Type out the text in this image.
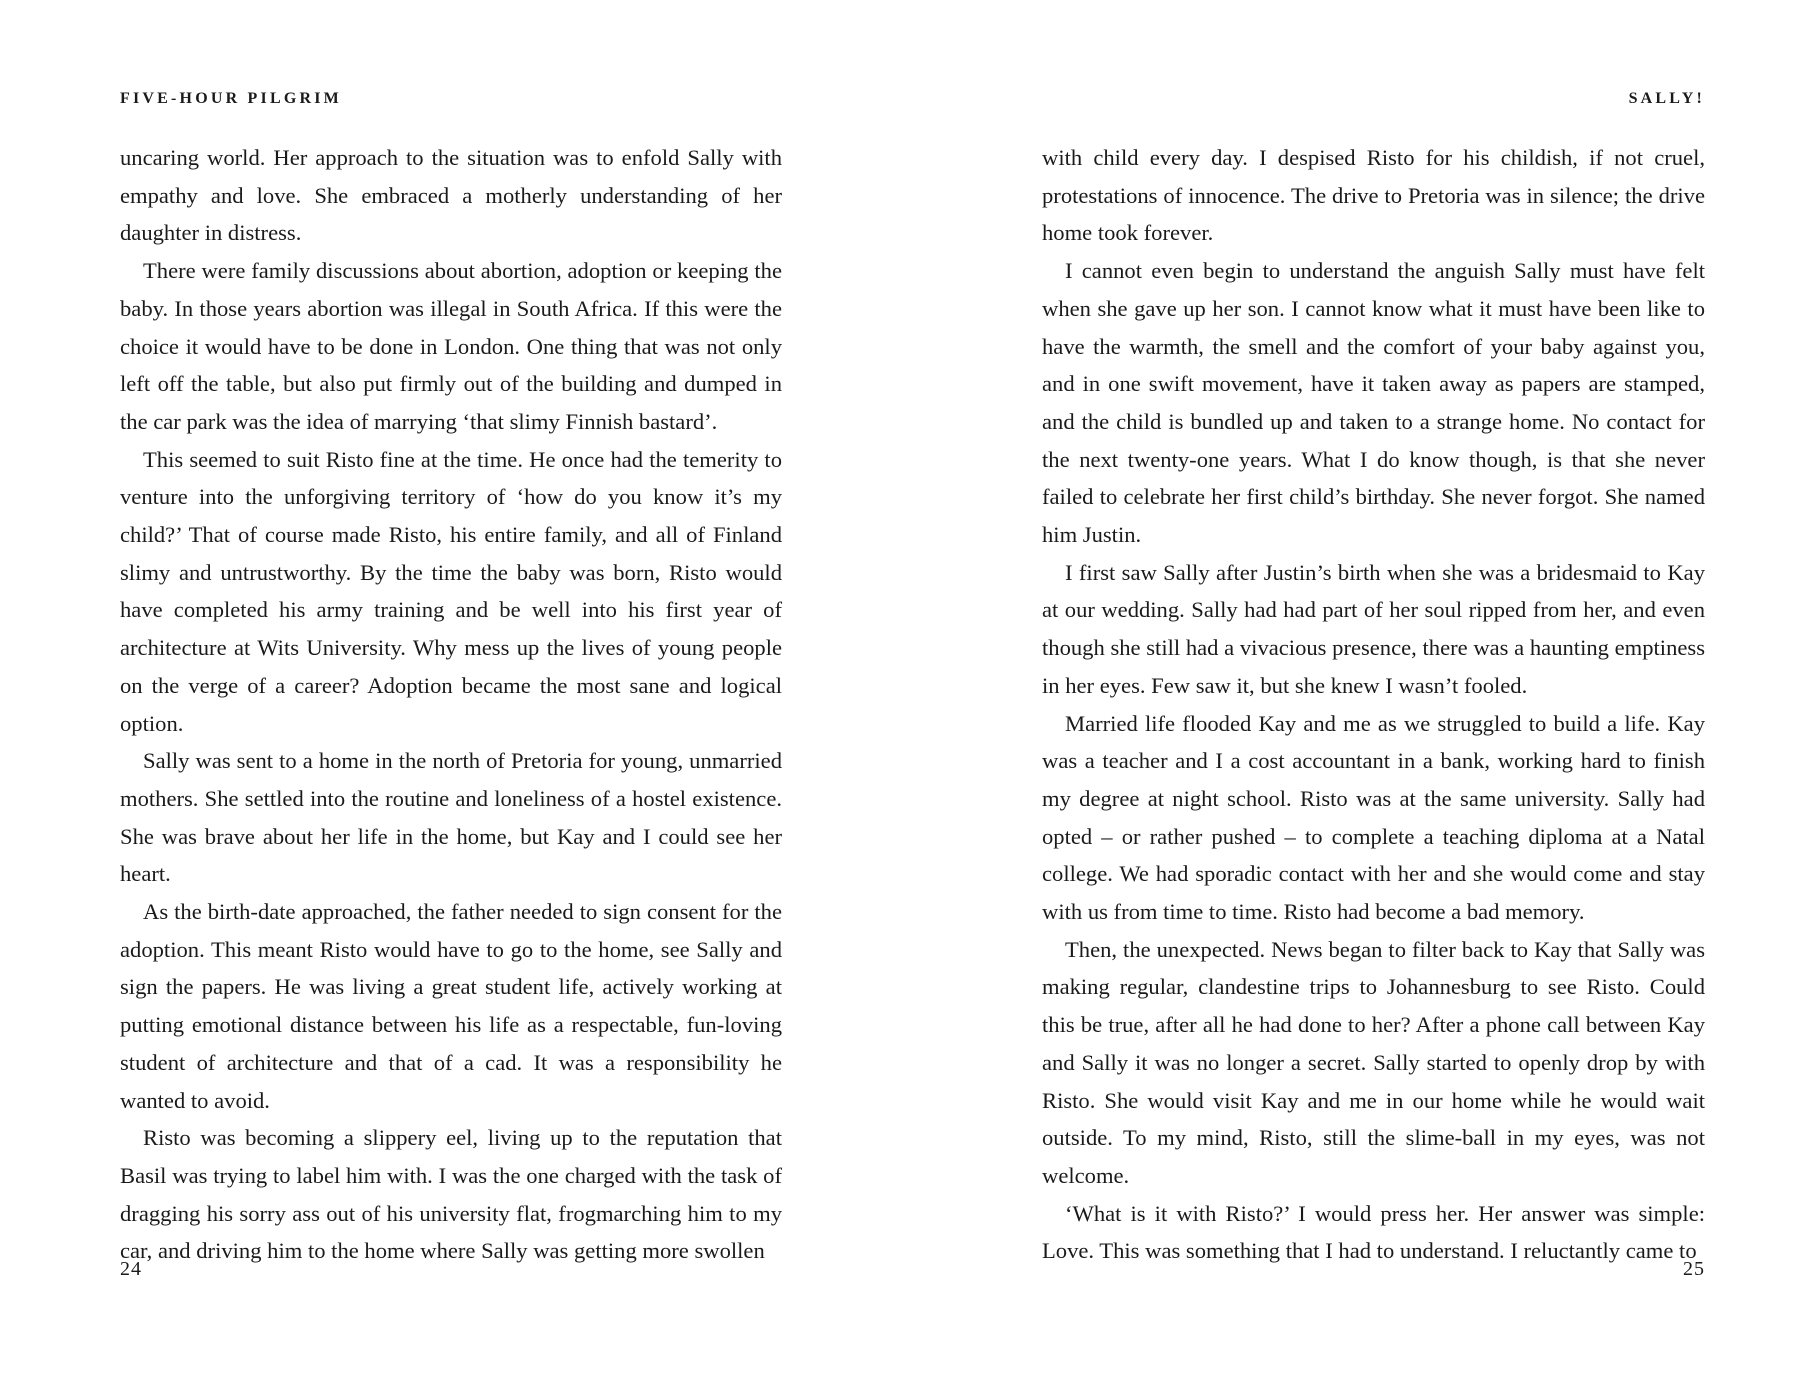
FIVE-HOUR PILGRIM

uncaring world. Her approach to the situation was to enfold Sally with empathy and love. She embraced a motherly understanding of her daughter in distress.

There were family discussions about abortion, adoption or keeping the baby. In those years abortion was illegal in South Africa. If this were the choice it would have to be done in London. One thing that was not only left off the table, but also put firmly out of the building and dumped in the car park was the idea of marrying ‘that slimy Finnish bastard’.

This seemed to suit Risto fine at the time. He once had the temerity to venture into the unforgiving territory of ‘how do you know it’s my child?’ That of course made Risto, his entire family, and all of Finland slimy and untrustworthy. By the time the baby was born, Risto would have completed his army training and be well into his first year of architecture at Wits University. Why mess up the lives of young people on the verge of a career? Adoption became the most sane and logical option.

Sally was sent to a home in the north of Pretoria for young, unmarried mothers. She settled into the routine and loneliness of a hostel existence. She was brave about her life in the home, but Kay and I could see her heart.

As the birth-date approached, the father needed to sign consent for the adoption. This meant Risto would have to go to the home, see Sally and sign the papers. He was living a great student life, actively working at putting emotional distance between his life as a respectable, fun-loving student of architecture and that of a cad. It was a responsibility he wanted to avoid.

Risto was becoming a slippery eel, living up to the reputation that Basil was trying to label him with. I was the one charged with the task of dragging his sorry ass out of his university flat, frogmarching him to my car, and driving him to the home where Sally was getting more swollen

24
SALLY!

with child every day. I despised Risto for his childish, if not cruel, protestations of innocence. The drive to Pretoria was in silence; the drive home took forever.

I cannot even begin to understand the anguish Sally must have felt when she gave up her son. I cannot know what it must have been like to have the warmth, the smell and the comfort of your baby against you, and in one swift movement, have it taken away as papers are stamped, and the child is bundled up and taken to a strange home. No contact for the next twenty-one years. What I do know though, is that she never failed to celebrate her first child’s birthday. She never forgot. She named him Justin.

I first saw Sally after Justin’s birth when she was a bridesmaid to Kay at our wedding. Sally had had part of her soul ripped from her, and even though she still had a vivacious presence, there was a haunting emptiness in her eyes. Few saw it, but she knew I wasn’t fooled.

Married life flooded Kay and me as we struggled to build a life. Kay was a teacher and I a cost accountant in a bank, working hard to finish my degree at night school. Risto was at the same university. Sally had opted – or rather pushed – to complete a teaching diploma at a Natal college. We had sporadic contact with her and she would come and stay with us from time to time. Risto had become a bad memory.

Then, the unexpected. News began to filter back to Kay that Sally was making regular, clandestine trips to Johannesburg to see Risto. Could this be true, after all he had done to her? After a phone call between Kay and Sally it was no longer a secret. Sally started to openly drop by with Risto. She would visit Kay and me in our home while he would wait outside. To my mind, Risto, still the slime-ball in my eyes, was not welcome.

‘What is it with Risto?’ I would press her. Her answer was simple: Love. This was something that I had to understand. I reluctantly came to

25
